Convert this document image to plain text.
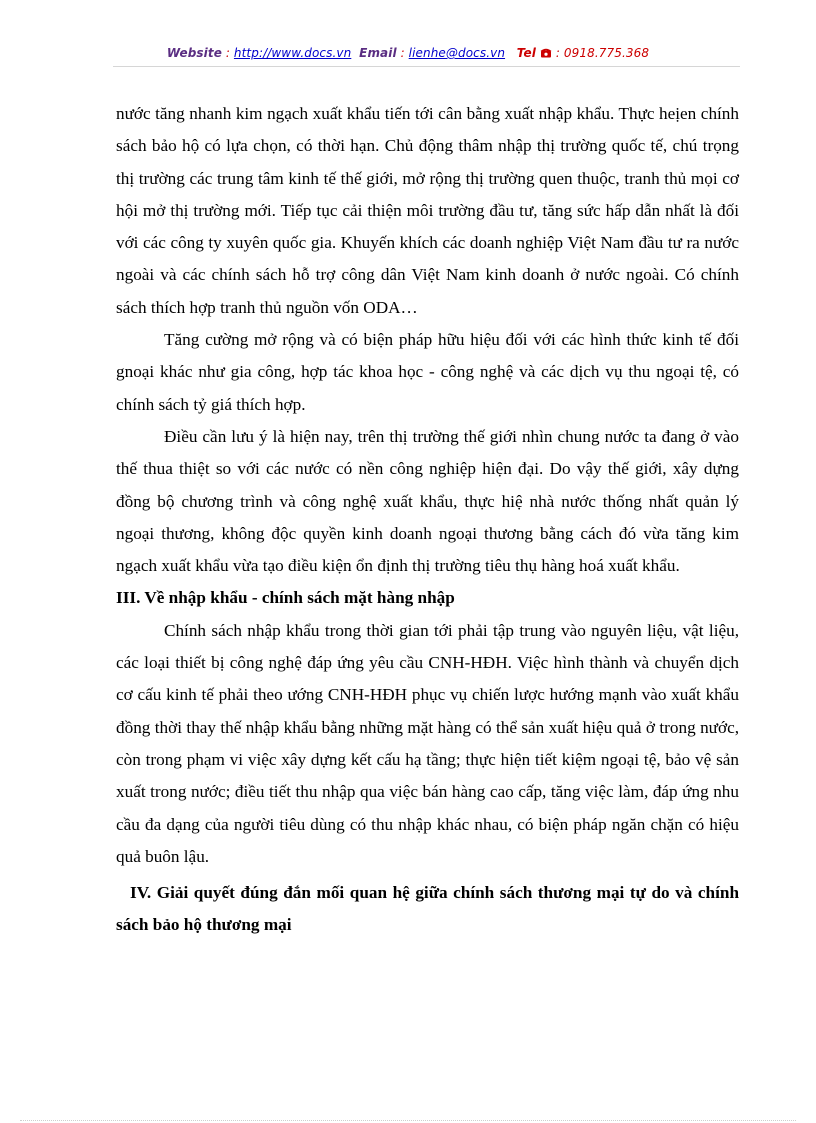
Website : http://www.docs.vn Email : lienhe@docs.vn Tel : 0918.775.368

nước tăng nhanh kim ngạch xuất khẩu tiến tới cân bằng xuất nhập khẩu. Thực heịen chính sách bảo hộ có lựa chọn, có thời hạn. Chủ động thâm nhập thị trường quốc tế, chú trọng thị trường các trung tâm kinh tế thế giới, mở rộng thị trường quen thuộc, tranh thủ mọi cơ hội mở thị trường mới. Tiếp tục cải thiện môi trường đầu tư, tăng sức hấp dẫn nhất là đối với các công ty xuyên quốc gia. Khuyến khích các doanh nghiệp Việt Nam đầu tư ra nước ngoài và các chính sách hỗ trợ công dân Việt Nam kinh doanh ở nước ngoài. Có chính sách thích hợp tranh thủ nguồn vốn ODA…

Tăng cường mở rộng và có biện pháp hữu hiệu đối với các hình thức kinh tế đối gnoại khác như gia công, hợp tác khoa học - công nghệ và các dịch vụ thu ngoại tệ, có chính sách tỷ giá thích hợp.

Điều cần lưu ý là hiện nay, trên thị trường thế giới nhìn chung nước ta đang ở vào thế thua thiệt so với các nước có nền công nghiệp hiện đại. Do vậy thế giới, xây dựng đồng bộ chương trình và công nghệ xuất khẩu, thực hiệ nhà nước thống nhất quản lý ngoại thương, không độc quyền kinh doanh ngoại thương bằng cách đó vừa tăng kim ngạch xuất khẩu vừa tạo điều kiện ổn định thị trường tiêu thụ hàng hoá xuất khẩu.

III. Về nhập khẩu - chính sách mặt hàng nhập

Chính sách nhập khẩu trong thời gian tới phải tập trung vào nguyên liệu, vật liệu, các loại thiết bị công nghệ đáp ứng yêu cầu CNH-HĐH. Việc hình thành và chuyển dịch cơ cấu kinh tế phải theo ướng CNH-HĐH phục vụ chiến lược hướng mạnh vào xuất khẩu đồng thời thay thế nhập khẩu bằng những mặt hàng có thể sản xuất hiệu quả ở trong nước, còn trong phạm vi việc xây dựng kết cấu hạ tầng; thực hiện tiết kiệm ngoại tệ, bảo vệ sản xuất trong nước; điều tiết thu nhập qua việc bán hàng cao cấp, tăng việc làm, đáp ứng nhu cầu đa dạng của người tiêu dùng có thu nhập khác nhau, có biện pháp ngăn chặn có hiệu quả buôn lậu.

IV. Giải quyết đúng đắn mối quan hệ giữa chính sách thương mại tự do và chính sách bảo hộ thương mại
